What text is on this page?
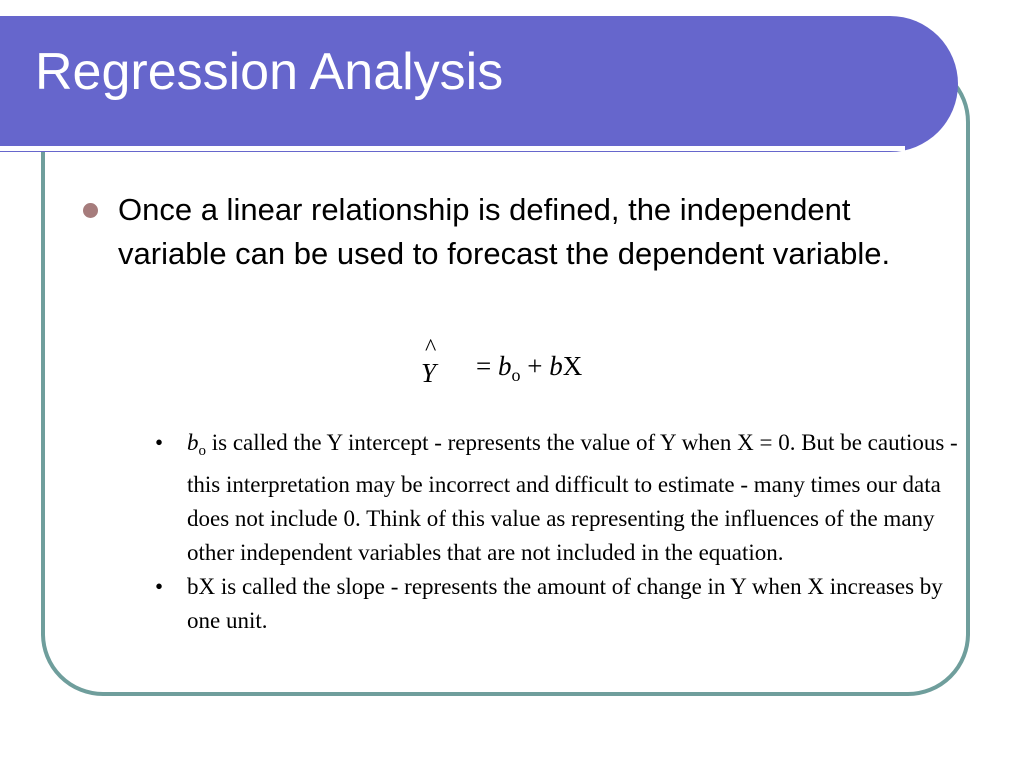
Regression Analysis

Once a linear relationship is defined, the independent variable can be used to forecast the dependent variable.

^
$Y = b_o$ + bX
• $b_o$ is called the Y intercept - represents the value of Y when X = 0. But be cautious - this interpretation may be incorrect and difficult to estimate - many times our data does not include 0. Think of this value as representing the influences of the many other independent variables that are not included in the equation.
• bX is called the slope - represents the amount of change in Y when X increases by one unit.
